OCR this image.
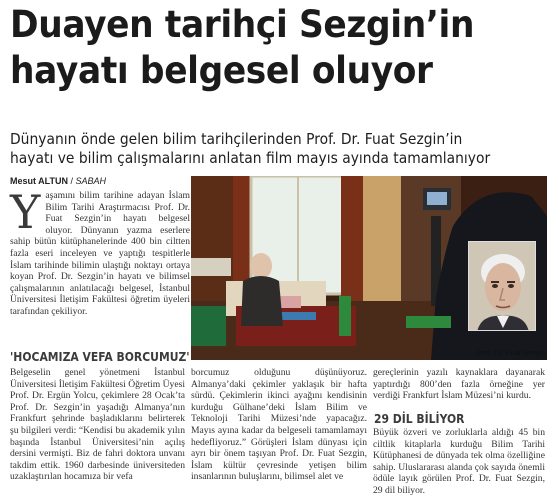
Duayen tarihçi Sezgin’in
hayatı belgesel oluyor
Dünyanın önde gelen bilim tarihçilerinden Prof. Dr. Fuat Sezgin’in
hayatı ve bilim çalışmalarını anlatan film mayıs ayında tamamlanıyor
Mesut ALTUN / SABAH
Y aşamını bilim tarihine adayan İslam Bilim Tarihi Araştırmacısı Prof. Dr. Fuat Sezgin’in hayatı belgesel oluyor. Dünyanın yazma eserlere sahip bütün kütüphanelerinde 400 bin ciltten fazla eseri inceleyen ve yaptığı tespitlerle İslam tarihinde bilimin ulaştığı noktayı ortaya koyan Prof. Dr. Sezgin’in hayatı ve bilimsel çalışmalarının anlatılacağı belgesel, İstanbul Üniversitesi İletişim Fakültesi öğretim üyeleri tarafından çekiliyor.

'HOCAMIZA VEFA BORCUMUZ'

Belgeselin genel yönetmeni İstanbul Üniversitesi İletişim Fakültesi Öğretim Üyesi Prof. Dr. Ergün Yolcu, çekimlere 28 Ocak’ta Prof. Dr. Sezgin’in yaşadığı Almanya’nın Frankfurt şehrinde başladıklarını belirterek şu bilgileri verdi: “Kendisi bu akademik yılın başında İstanbul Üniversitesi’nin açılış dersini vermişti. Biz de fahri doktora unvanı takdim ettik. 1960 darbesinde üniversiteden uzaklaştırılan hocamıza bir vefa

borcumuz olduğunu düşünüyoruz. Almanya’daki çekimler yaklaşık bir hafta sürdü. Çekimlerin ikinci ayağını kendisinin kurduğu Gülhane’deki İslam Bilim ve Teknoloji Tarihi Müzesi’nde yapacağız. Mayıs ayına kadar da belgeseli tamamlamayı hedefliyoruz.” Görüşleri İslam dünyası için ayrı bir önem taşıyan Prof. Dr. Fuat Sezgin, İslam kültür çevresinde yetişen bilim insanlarının buluşlarını, bilimsel alet ve

gereçlerinin yazılı kaynaklara dayanarak yaptırdığı 800’den fazla örneğine yer verdiği Frankfurt İslam Müzesi’ni kurdu.

29 DİL BİLİYOR

Büyük özveri ve zorluklarla aldığı 45 bin ciltlik kitaplarla kurduğu Bilim Tarihi Kütüphanesi de dünyada tek olma özelliğine sahip. Uluslararası alanda çok sayıda önemli ödüle layık görülen Prof. Dr. Fuat Sezgin, 29 dil biliyor.

Prof. Dr. Fuat Sezgin
